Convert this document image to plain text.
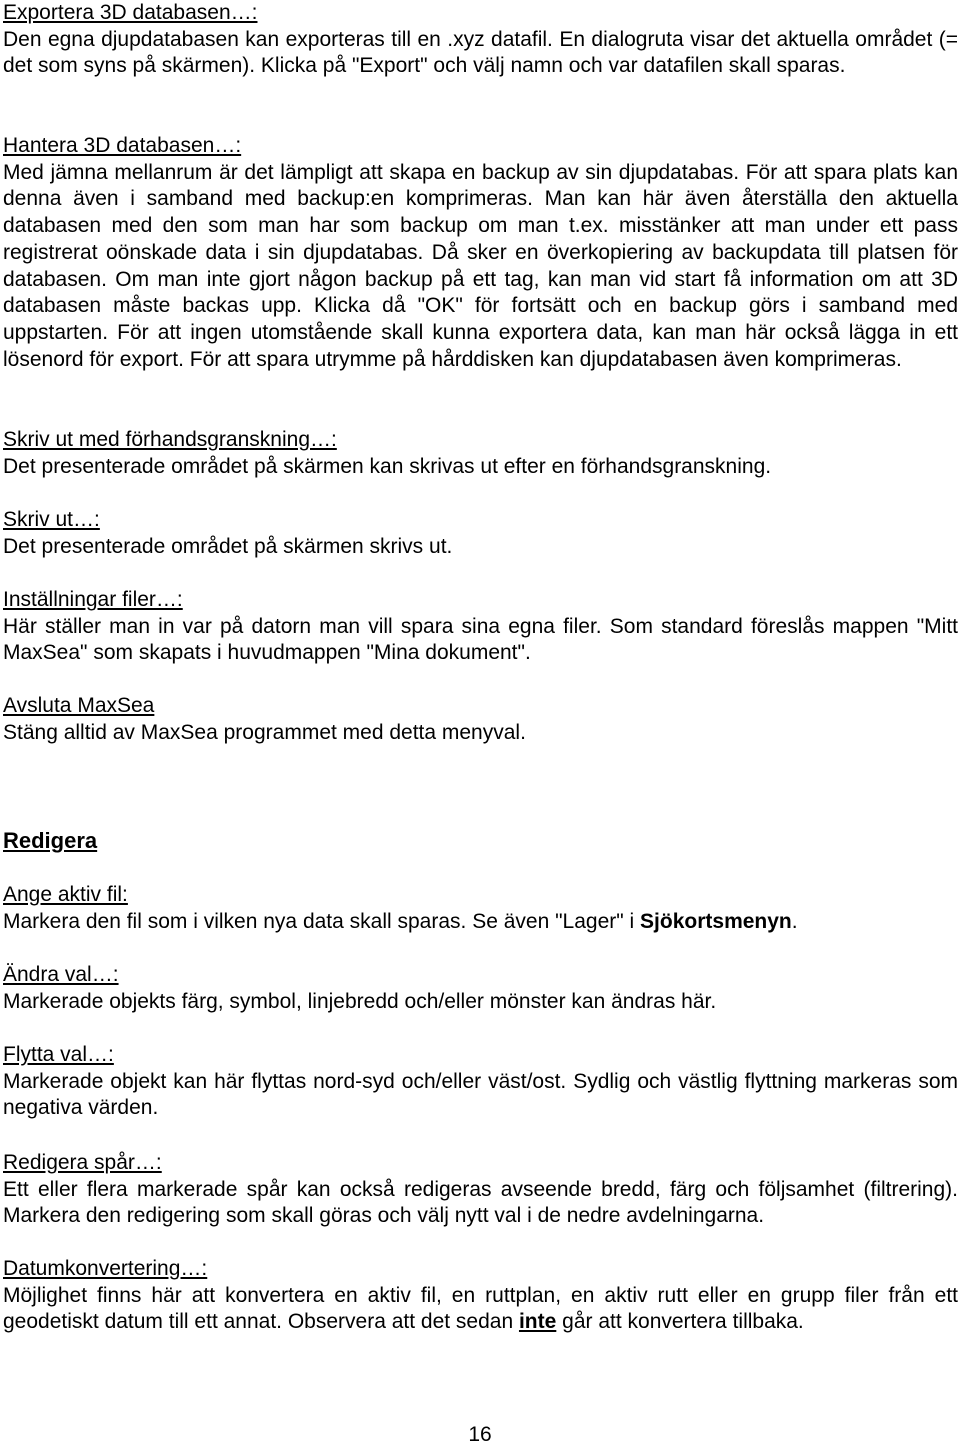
Exportera 3D databasen…:
Den egna djupdatabasen kan exporteras till en .xyz datafil. En dialogruta visar det aktuella området (= det som syns på skärmen). Klicka på "Export" och välj namn och var datafilen skall sparas.
Hantera 3D databasen…:
Med jämna mellanrum är det lämpligt att skapa en backup av sin djupdatabas. För att spara plats kan denna även i samband med backup:en komprimeras. Man kan här även återställa den aktuella databasen med den som man har som backup om man t.ex. misstänker att man under ett pass registrerat oönskade data i sin djupdatabas. Då sker en överkopiering av backupdata till platsen för databasen. Om man inte gjort någon backup på ett tag, kan man vid start få information om att 3D databasen måste backas upp. Klicka då "OK" för fortsätt och en backup görs i samband med uppstarten. För att ingen utomstående skall kunna exportera data, kan man här också lägga in ett lösenord för export. För att spara utrymme på hårddisken kan djupdatabasen även komprimeras.
Skriv ut med förhandsgranskning…:
Det presenterade området på skärmen kan skrivas ut efter en förhandsgranskning.
Skriv ut…:
Det presenterade området på skärmen skrivs ut.
Inställningar filer…:
Här ställer man in var på datorn man vill spara sina egna filer. Som standard föreslås mappen "Mitt MaxSea" som skapats i huvudmappen "Mina dokument".
Avsluta MaxSea
Stäng alltid av MaxSea programmet med detta menyval.
Redigera
Ange aktiv fil:
Markera den fil som i vilken nya data skall sparas. Se även "Lager" i Sjökortsmenyn.
Ändra val…:
Markerade objekts färg, symbol, linjebredd och/eller mönster kan ändras här.
Flytta val…:
Markerade objekt kan här flyttas nord-syd och/eller väst/ost. Sydlig och västlig flyttning markeras som negativa värden.
Redigera spår…:
Ett eller flera markerade spår kan också redigeras avseende bredd, färg och följsamhet (filtrering). Markera den redigering som skall göras och välj nytt val i de nedre avdelningarna.
Datumkonvertering…:
Möjlighet finns här att konvertera en aktiv fil, en ruttplan, en aktiv rutt eller en grupp filer från ett geodetiskt datum till ett annat. Observera att det sedan inte går att konvertera tillbaka.
16
